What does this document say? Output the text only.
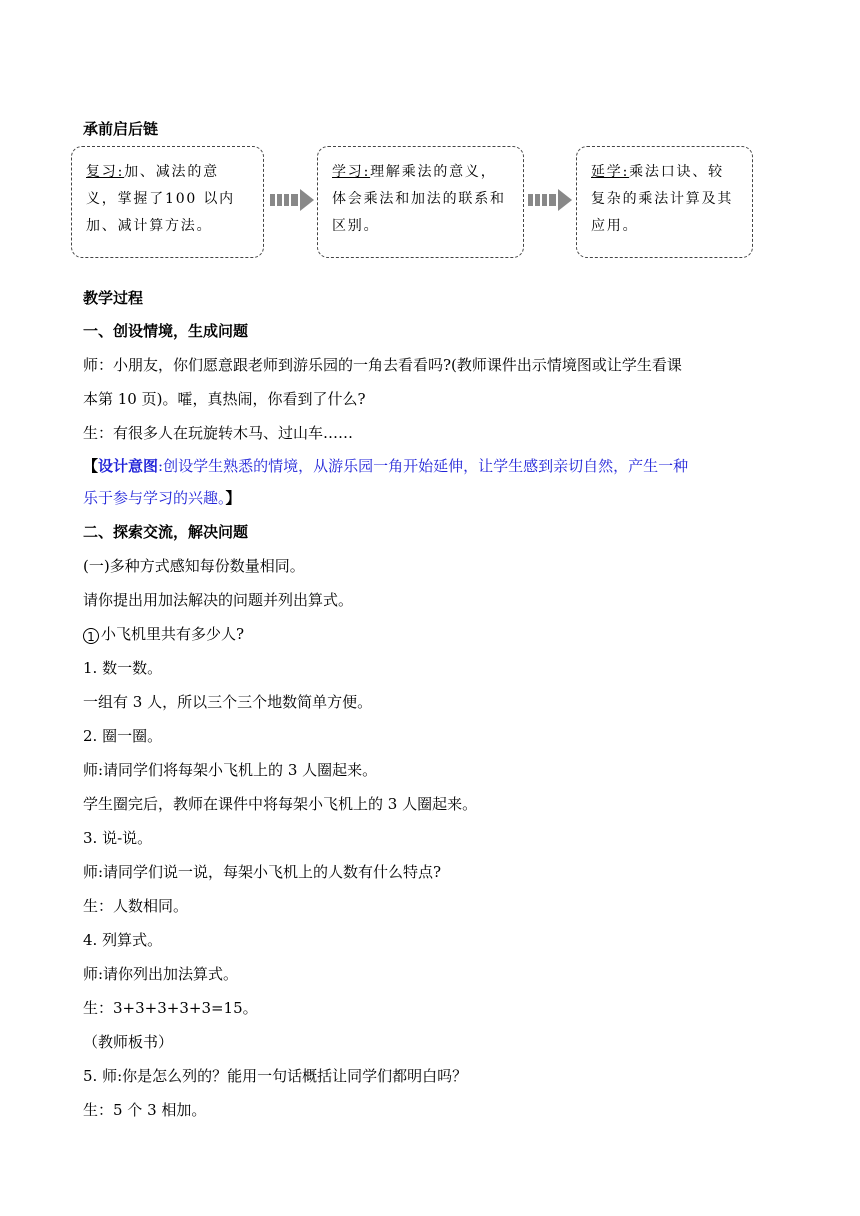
承前启后链
复习:加、减法的意义，掌握了100 以内加、减计算方法。
学习:理解乘法的意义，体会乘法和加法的联系和区别。
延学:乘法口诀、较复杂的乘法计算及其应用。
教学过程
一、创设情境，生成问题
师：小朋友，你们愿意跟老师到游乐园的一角去看看吗?(教师课件出示情境图或让学生看课
本第 10 页)。嚯，真热闹，你看到了什么?
生：有很多人在玩旋转木马、过山车……
【设计意图:创设学生熟悉的情境，从游乐园一角开始延伸，让学生感到亲切自然，产生一种
乐于参与学习的兴趣。】
二、探索交流，解决问题
(一)多种方式感知每份数量相同。
请你提出用加法解决的问题并列出算式。
1 小飞机里共有多少人?
1. 数一数。
一组有 3 人，所以三个三个地数简单方便。
2. 圈一圈。
师:请同学们将每架小飞机上的 3 人圈起来。
学生圈完后，教师在课件中将每架小飞机上的 3 人圈起来。
3. 说-说。
师:请同学们说一说，每架小飞机上的人数有什么特点?
生：人数相同。
4. 列算式。
师:请你列出加法算式。
生：3+3+3+3+3=15。
（教师板书）
5. 师:你是怎么列的？能用一句话概括让同学们都明白吗？
生：5 个 3 相加。
